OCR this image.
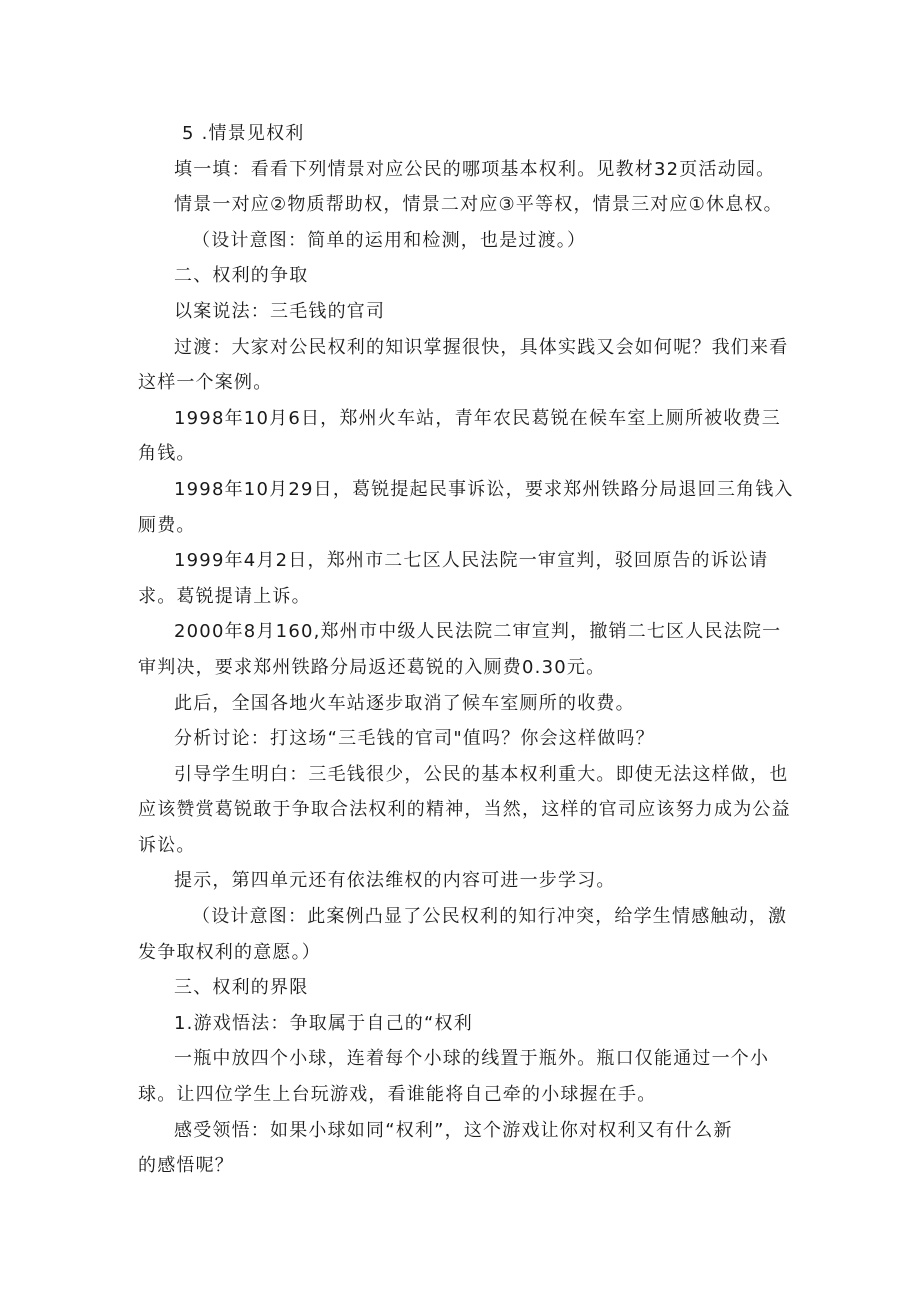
5 .情景见权利

填一填：看看下列情景对应公民的哪项基本权利。见教材32页活动园。

情景一对应②物质帮助权，情景二对应③平等权，情景三对应①休息权。

（设计意图：简单的运用和检测，也是过渡。）

二、权利的争取

以案说法：三毛钱的官司

过渡：大家对公民权利的知识掌握很快，具体实践又会如何呢？我们来看这样一个案例。

1998年10月6日，郑州火车站，青年农民葛锐在候车室上厕所被收费三角钱。

1998年10月29日，葛锐提起民事诉讼，要求郑州铁路分局退回三角钱入厕费。

1999年4月2日，郑州市二七区人民法院一审宣判，驳回原告的诉讼请求。葛锐提请上诉。

2000年8月160,郑州市中级人民法院二审宣判，撤销二七区人民法院一审判决，要求郑州铁路分局返还葛锐的入厕费0.30元。

此后，全国各地火车站逐步取消了候车室厕所的收费。

分析讨论：打这场“三毛钱的官司"值吗？你会这样做吗？

引导学生明白：三毛钱很少，公民的基本权利重大。即使无法这样做，也应该赞赏葛锐敢于争取合法权利的精神，当然，这样的官司应该努力成为公益诉讼。

提示，第四单元还有依法维权的内容可进一步学习。

（设计意图：此案例凸显了公民权利的知行冲突，给学生情感触动，激发争取权利的意愿。）

三、权利的界限

1.游戏悟法：争取属于自己的“权利

一瓶中放四个小球，连着每个小球的线置于瓶外。瓶口仅能通过一个小球。让四位学生上台玩游戏，看谁能将自己牵的小球握在手。

感受领悟：如果小球如同“权利”，这个游戏让你对权利又有什么新的感悟呢？
